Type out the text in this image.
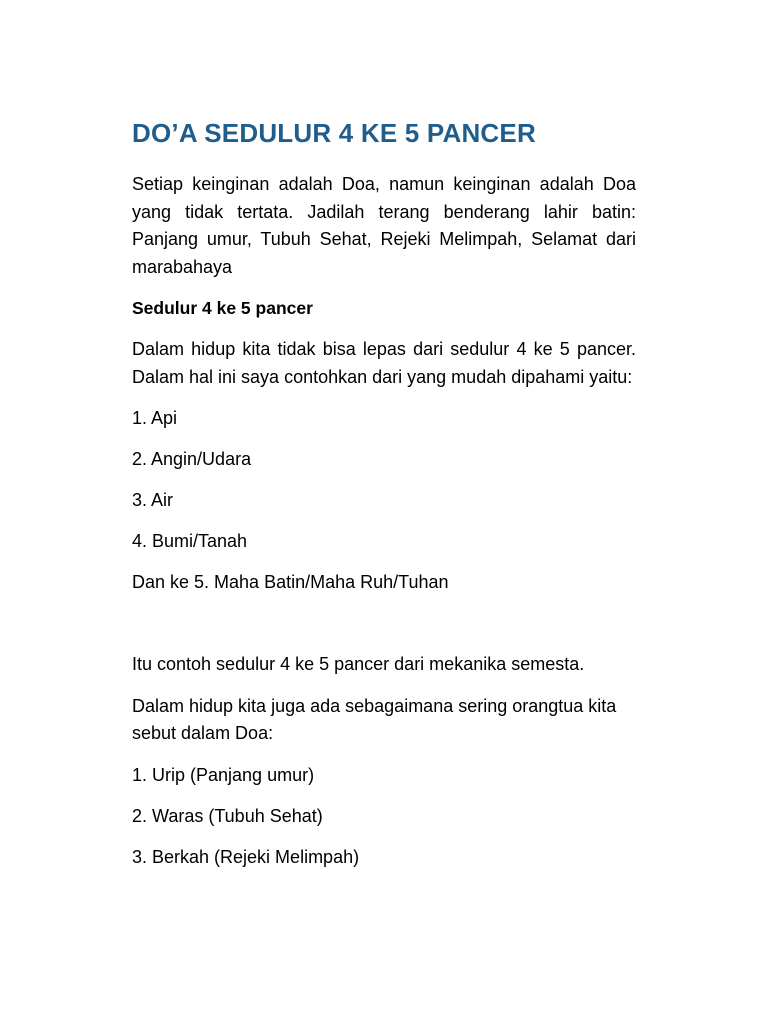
DO’A SEDULUR 4 KE 5 PANCER

Setiap keinginan adalah Doa, namun keinginan adalah Doa yang tidak tertata. Jadilah terang benderang lahir batin: Panjang umur, Tubuh Sehat, Rejeki Melimpah, Selamat dari marabahaya

Sedulur 4 ke 5 pancer

Dalam hidup kita tidak bisa lepas dari sedulur 4 ke 5 pancer. Dalam hal ini saya contohkan dari yang mudah dipahami yaitu:

1. Api

2. Angin/Udara

3. Air

4. Bumi/Tanah

Dan ke 5. Maha Batin/Maha Ruh/Tuhan

Itu contoh sedulur 4 ke 5 pancer dari mekanika semesta.

Dalam hidup kita juga ada sebagaimana sering orangtua kita sebut dalam Doa:

1. Urip (Panjang umur)

2. Waras (Tubuh Sehat)

3. Berkah (Rejeki Melimpah)
